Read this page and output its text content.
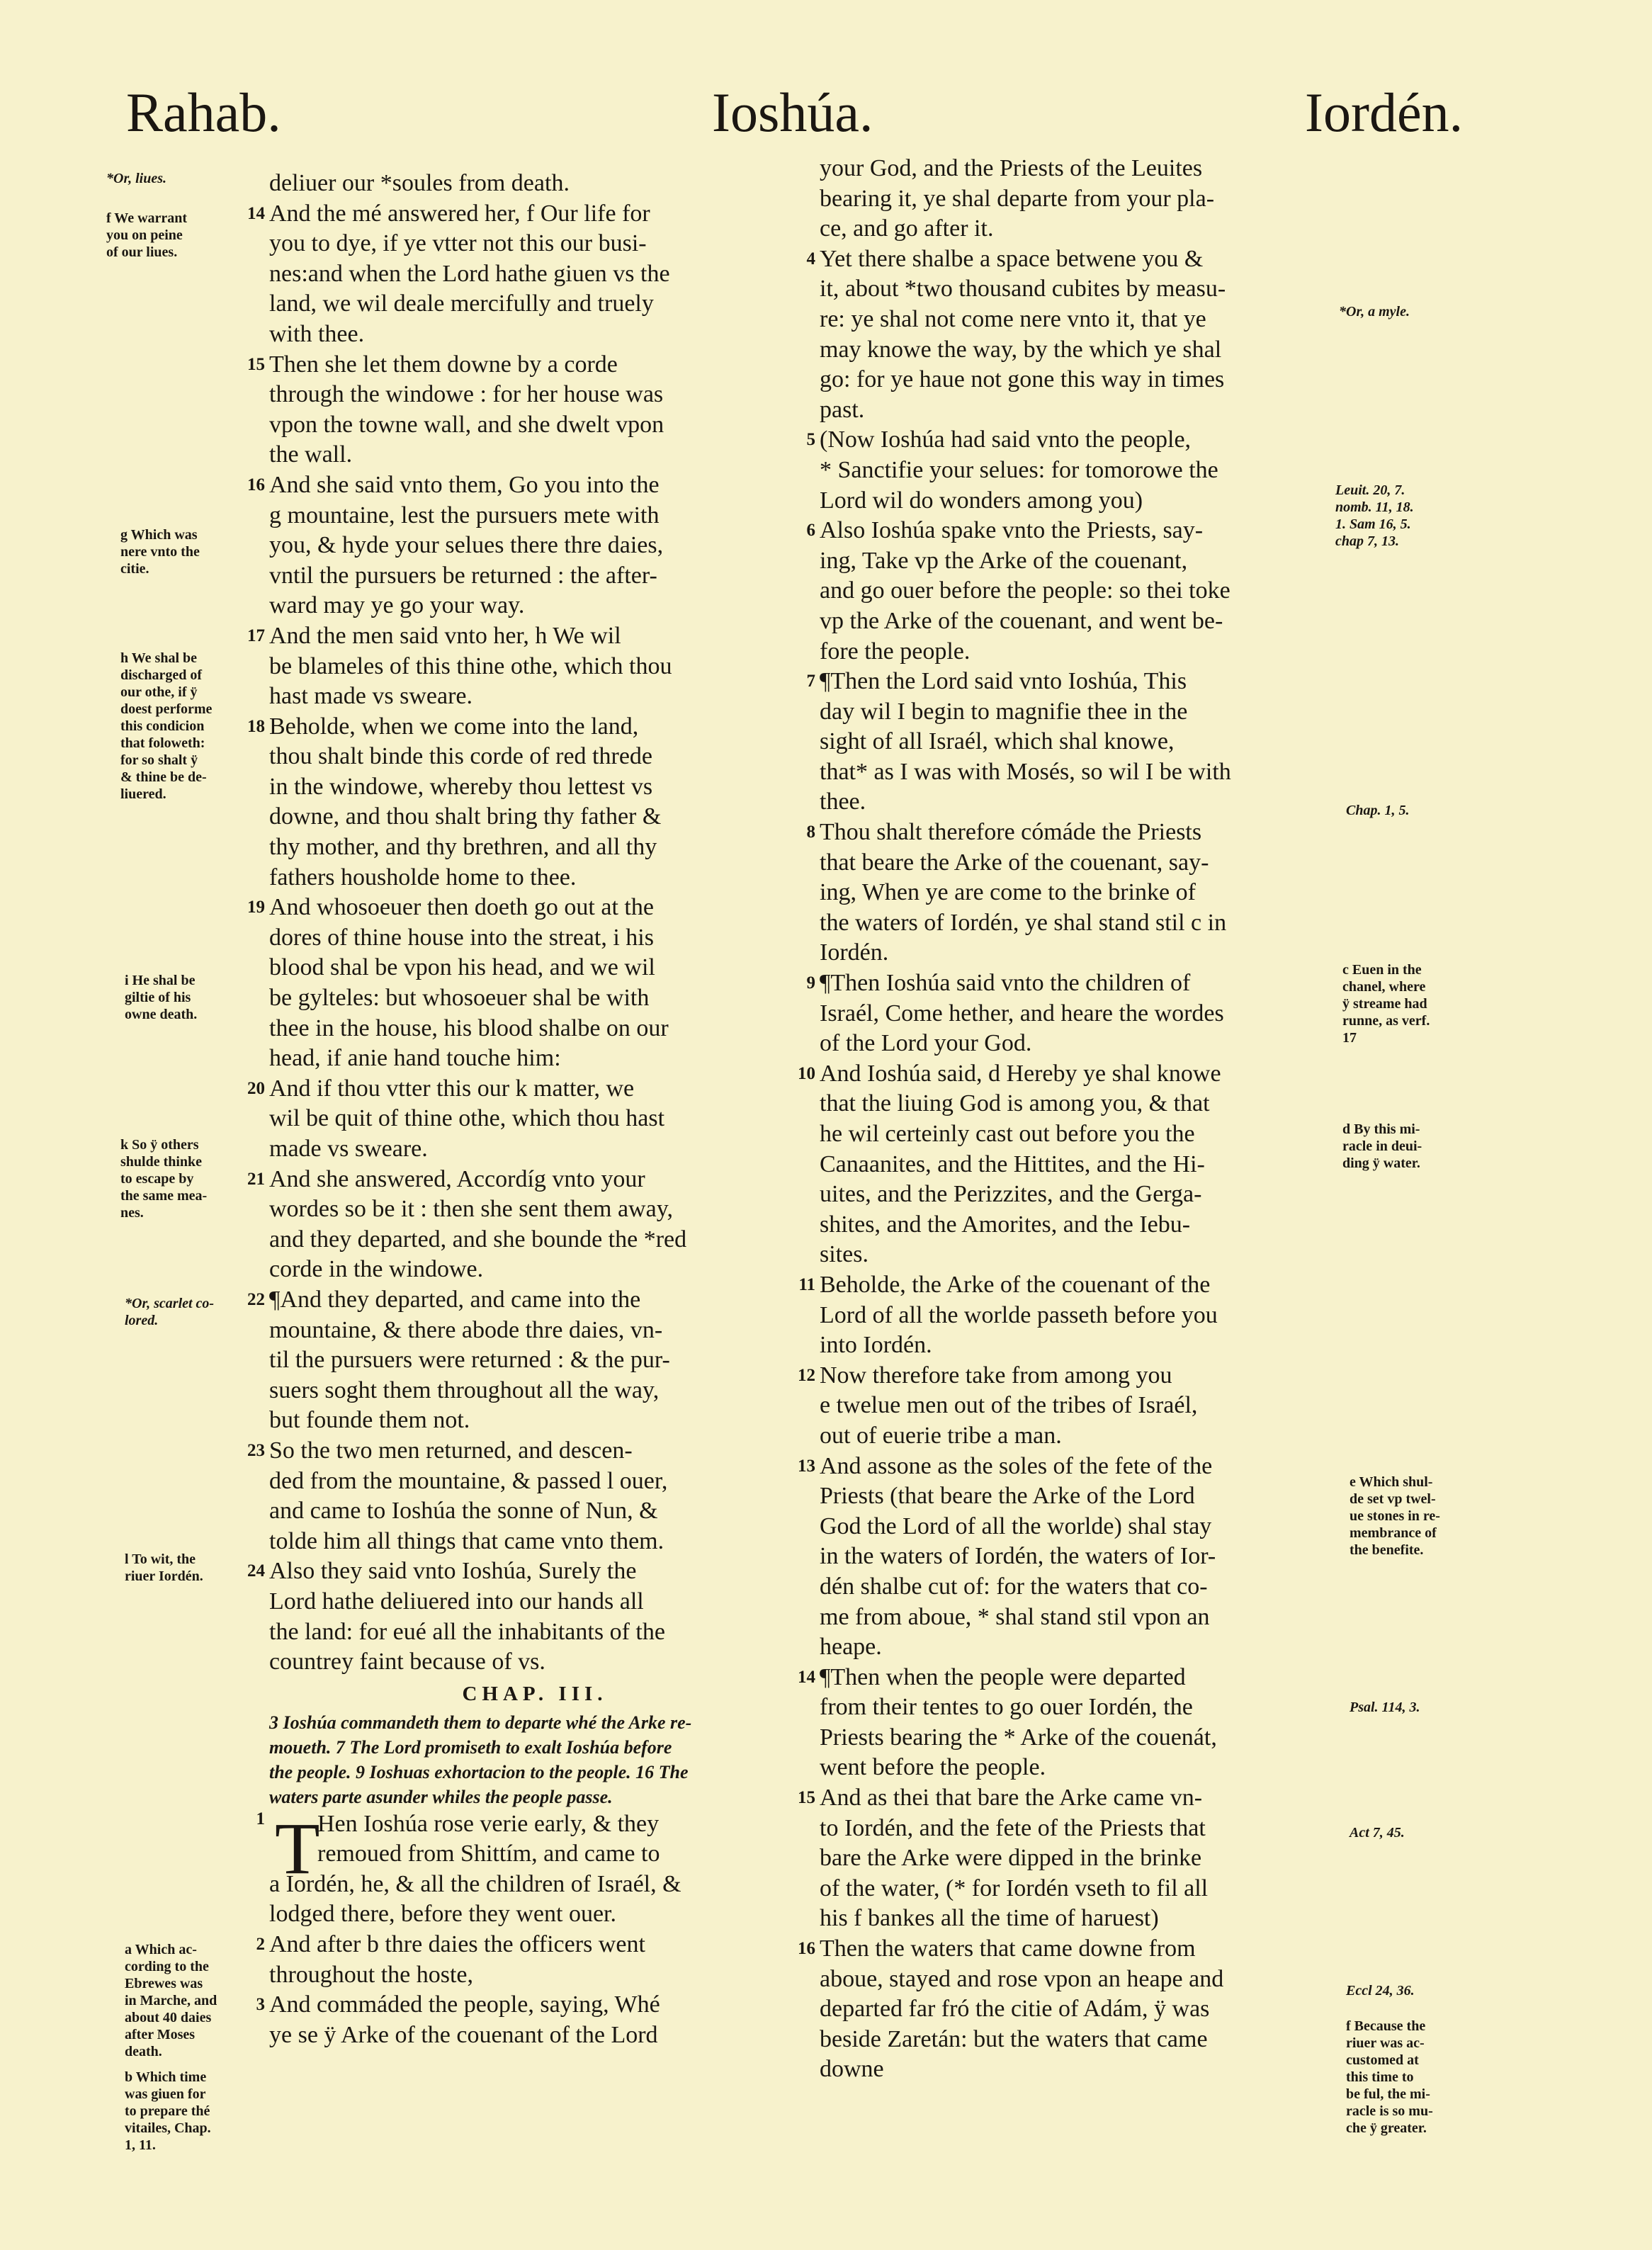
Rahab.	Ioshúa.	Iordén.
deliuer our *soules from death.
14 And the mé answered her, f Our life for
you to dye, if ye vtter not this our busi-
nes:and when the Lord hathe giuen vs the
land, we wil deale mercifully and truely
with thee.
15 Then she let them downe by a corde
through the windowe : for her house was
vpon the towne wall, and she dwelt vpon
the wall.
16 And she said vnto them, Go you into the
g mountaine, lest the pursuers mete with
you, & hyde your selues there thre daies,
vntil the pursuers be returned : the after-
ward may ye go your way.
17 And the men said vnto her, h We wil
be blameles of this thine othe, which thou
hast made vs sweare.
18 Beholde, when we come into the land,
thou shalt binde this corde of red threde
in the windowe, whereby thou lettest vs
downe, and thou shalt bring thy father &
thy mother, and thy brethren, and all thy
fathers housholde home to thee.
19 And whosoeuer then doeth go out at the
dores of thine house into the streat, i his
blood shal be vpon his head, and we wil
be gylteles: but whosoeuer shal be with
thee in the house, his blood shalbe on our
head, if anie hand touche him:
20 And if thou vtter this our k matter, we
wil be quit of thine othe, which thou hast
made vs sweare.
21 And she answered, Accordíg vnto your
wordes so be it : then she sent them away,
and they departed, and she bounde the *red
corde in the windowe.
22 ¶And they departed, and came into the
mountaine, & there abode thre daies, vn-
til the pursuers were returned : & the pur-
suers soght them throughout all the way,
but founde them not.
23 So the two men returned, and descen-
ded from the mountaine, & passed l ouer,
and came to Ioshúa the sonne of Nun, &
tolde him all things that came vnto them.
24 Also they said vnto Ioshúa, Surely the
Lord hathe deliuered into our hands all
the land: for eué all the inhabitants of the
countrey faint because of vs.
CHAP. III.
3 Ioshúa commandeth them to departe whé the Arke re-
moueth. 7 The Lord promiseth to exalt Ioshúa before
the people. 9 Ioshuas exhortacion to the people. 16 The
waters parte asunder whiles the people passe.
T
1	Hen Ioshúa rose verie early, & they
remoued from Shittím, and came to
a Iordén, he, & all the children of Israél, &
lodged there, before they went ouer.
2 And after b thre daies the officers went
throughout the hoste,
3 And commáded the people, saying, Whé
ye se ÿ Arke of the couenant of the Lord
your God, and the Priests of the Leuites
bearing it, ye shal departe from your pla-
ce, and go after it.
4 Yet there shalbe a space betwene you &
it, about *two thousand cubites by measu-
re: ye shal not come nere vnto it, that ye
may knowe the way, by the which ye shal
go: for ye haue not gone this way in times
past.
5 (Now Ioshúa had said vnto the people,
* Sanctifie your selues: for tomorowe the
Lord wil do wonders among you)
6 Also Ioshúa spake vnto the Priests, say-
ing, Take vp the Arke of the couenant,
and go ouer before the people: so thei toke
vp the Arke of the couenant, and went be-
fore the people.
7 ¶Then the Lord said vnto Ioshúa, This
day wil I begin to magnifie thee in the
sight of all Israél, which shal knowe,
that* as I was with Mosés, so wil I be with
thee.
8 Thou shalt therefore cómáde the Priests
that beare the Arke of the couenant, say-
ing, When ye are come to the brinke of
the waters of Iordén, ye shal stand stil c in
Iordén.
9 ¶Then Ioshúa said vnto the children of
Israél, Come hether, and heare the wordes
of the Lord your God.
10 And Ioshúa said, d Hereby ye shal knowe
that the liuing God is among you, & that
he wil certeinly cast out before you the
Canaanites, and the Hittites, and the Hi-
uites, and the Perizzites, and the Gerga-
shites, and the Amorites, and the Iebu-
sites.
11 Beholde, the Arke of the couenant of the
Lord of all the worlde passeth before you
into Iordén.
12 Now therefore take from among you
e twelue men out of the tribes of Israél,
out of euerie tribe a man.
13 And assone as the soles of the fete of the
Priests (that beare the Arke of the Lord
God the Lord of all the worlde) shal stay
in the waters of Iordén, the waters of Ior-
dén shalbe cut of: for the waters that co-
me from aboue, * shal stand stil vpon an
heape.
14 ¶Then when the people were departed
from their tentes to go ouer Iordén, the
Priests bearing the * Arke of the couenát,
went before the people.
15 And as thei that bare the Arke came vn-
to Iordén, and the fete of the Priests that
bare the Arke were dipped in the brinke
of the water, (* for Iordén vseth to fil all
his f bankes all the time of haruest)
16 Then the waters that came downe from
aboue, stayed and rose vpon an heape and
departed far fró the citie of Adám, ÿ was
beside Zaretán: but the waters that came
downe
*Or, liues.
f We warrant
you on peine
of our liues.
g Which was
nere vnto the
citie.
h We shal be
discharged of
our othe, if ÿ
doest performe
this condicion
that foloweth:
for so shalt ÿ
& thine be de-
liuered.
i He shal be
giltie of his
owne death.
k So ÿ others
shulde thinke
to escape by
the same mea-
nes.
*Or, scarlet co-
lored.
l To wit, the
riuer Iordén.
a Which ac-
cording to the
Ebrewes was
in Marche, and
about 40 daies
after Moses
death.
b Which time
was giuen for
to prepare thé
vitailes, Chap.
1, 11.
*Or, a myle.
Leuit. 20, 7.
nomb. 11, 18.
1. Sam 16, 5.
chap 7, 13.
Chap. 1, 5.
c Euen in the
chanel, where
ÿ streame had
runne, as verf.
17
d By this mi-
racle in deui-
ding ÿ water.
e Which shul-
de set vp twel-
ue stones in re-
membrance of
the benefite.
Psal. 114, 3.
Act 7, 45.
Eccl 24, 36.
f Because the
riuer was ac-
customed at
this time to
be ful, the mi-
racle is so mu-
che ÿ greater.
